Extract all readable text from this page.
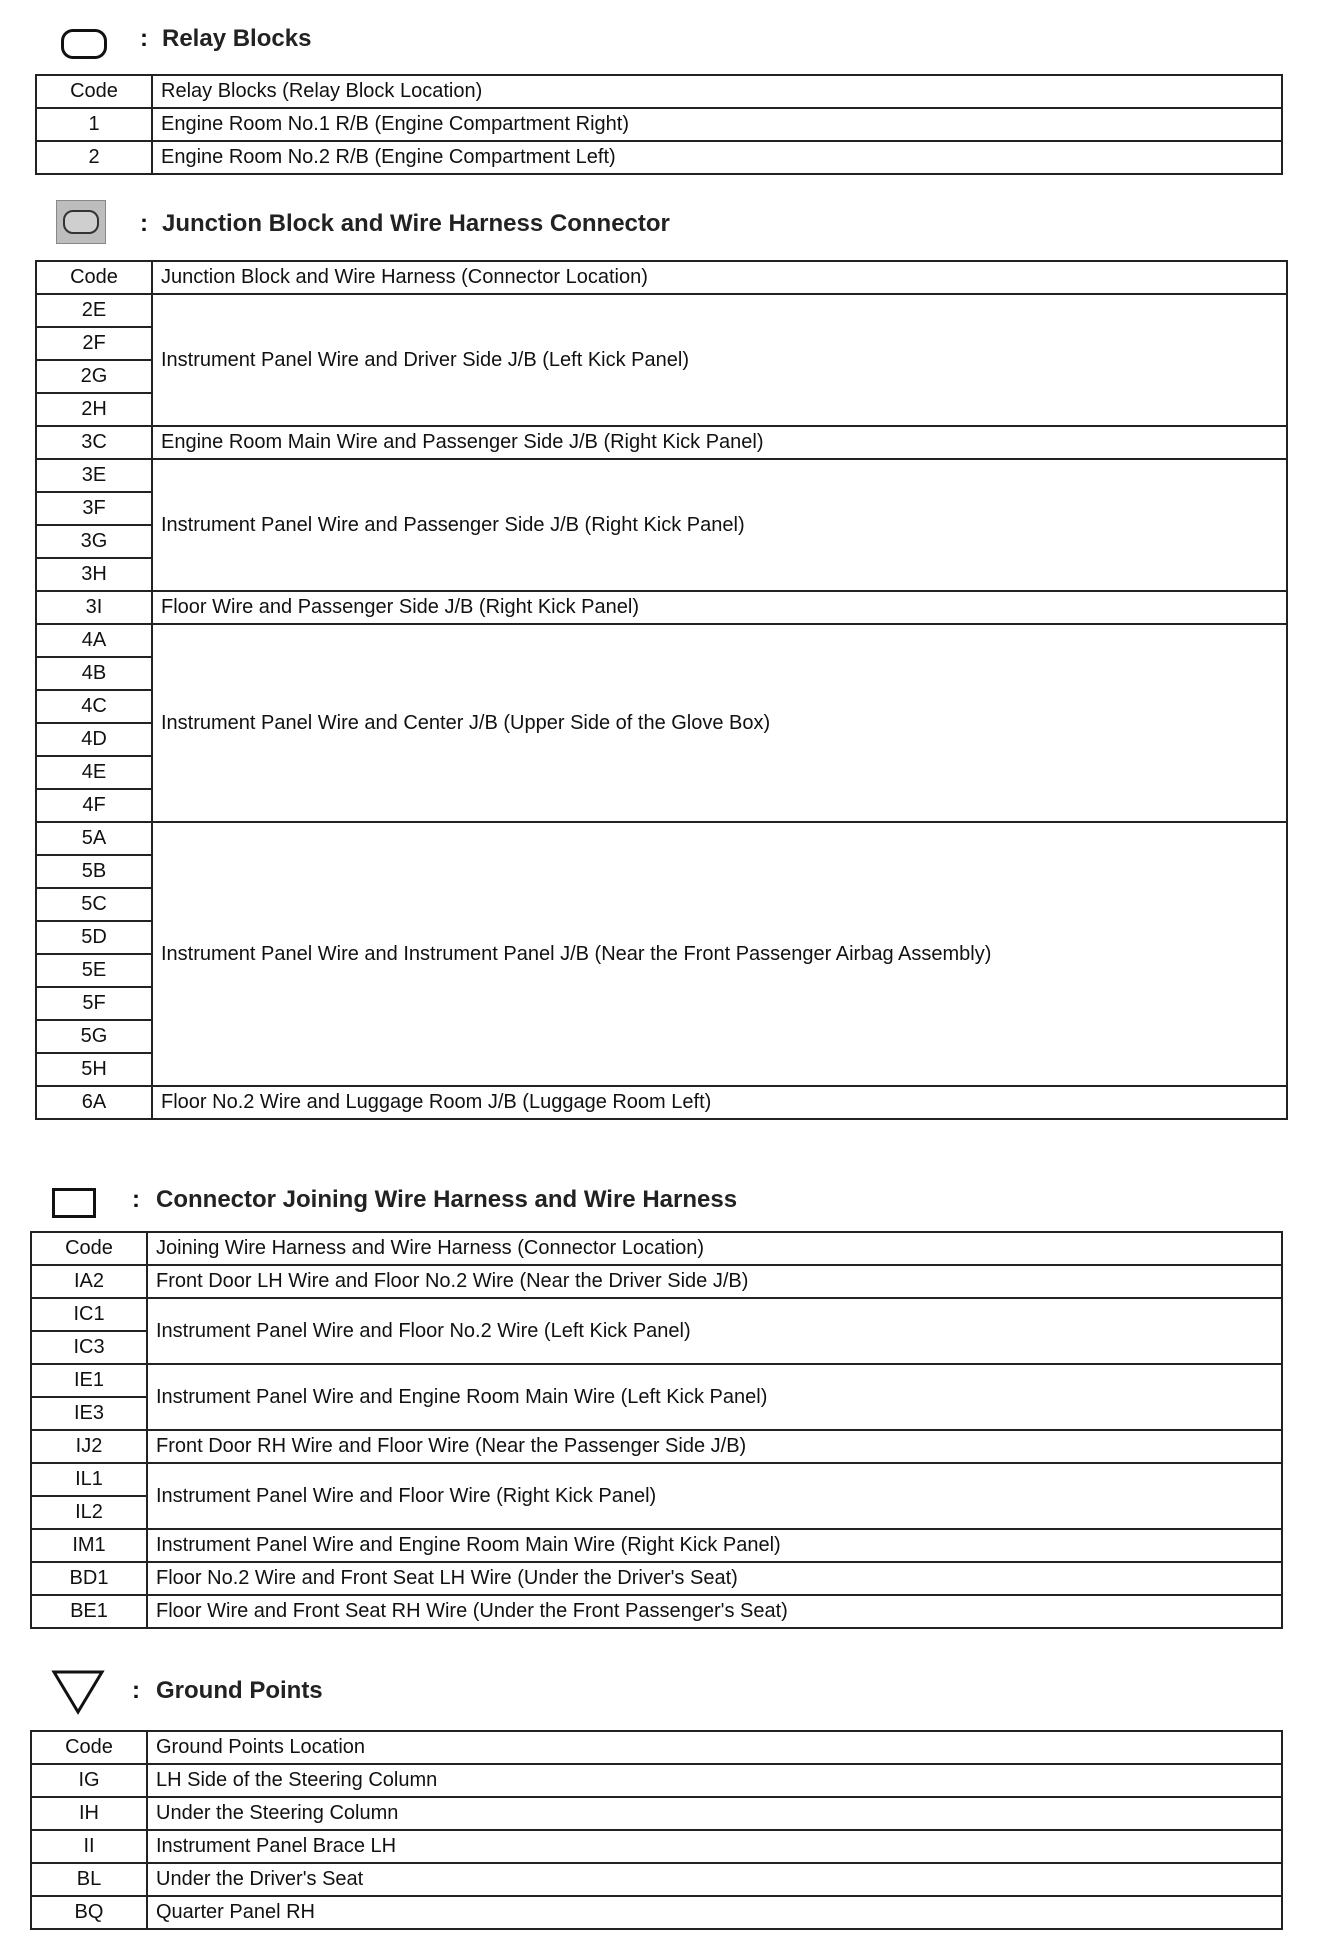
: Relay Blocks
Code	Relay Blocks (Relay Block Location)
1	Engine Room No.1 R/B (Engine Compartment Right)
2	Engine Room No.2 R/B (Engine Compartment Left)
: Junction Block and Wire Harness Connector
Code	Junction Block and Wire Harness (Connector Location)
2E	Instrument Panel Wire and Driver Side J/B (Left Kick Panel)
2F	
2G	
2H	
3C	Engine Room Main Wire and Passenger Side J/B (Right Kick Panel)
3E	Instrument Panel Wire and Passenger Side J/B (Right Kick Panel)
3F	
3G	
3H	
3I	Floor Wire and Passenger Side J/B (Right Kick Panel)
4A	Instrument Panel Wire and Center J/B (Upper Side of the Glove Box)
4B	
4C	
4D	
4E	
4F	
5A	Instrument Panel Wire and Instrument Panel J/B (Near the Front Passenger Airbag Assembly)
5B	
5C	
5D	
5E	
5F	
5G	
5H	
6A	Floor No.2 Wire and Luggage Room J/B (Luggage Room Left)
: Connector Joining Wire Harness and Wire Harness
Code	Joining Wire Harness and Wire Harness (Connector Location)
IA2	Front Door LH Wire and Floor No.2 Wire (Near the Driver Side J/B)
IC1	Instrument Panel Wire and Floor No.2 Wire (Left Kick Panel)
IC3	
IE1	Instrument Panel Wire and Engine Room Main Wire (Left Kick Panel)
IE3	
IJ2	Front Door RH Wire and Floor Wire (Near the Passenger Side J/B)
IL1	Instrument Panel Wire and Floor Wire (Right Kick Panel)
IL2	
IM1	Instrument Panel Wire and Engine Room Main Wire (Right Kick Panel)
BD1	Floor No.2 Wire and Front Seat LH Wire (Under the Driver's Seat)
BE1	Floor Wire and Front Seat RH Wire (Under the Front Passenger's Seat)
: Ground Points
Code	Ground Points Location
IG	LH Side of the Steering Column
IH	Under the Steering Column
II	Instrument Panel Brace LH
BL	Under the Driver's Seat
BQ	Quarter Panel RH
